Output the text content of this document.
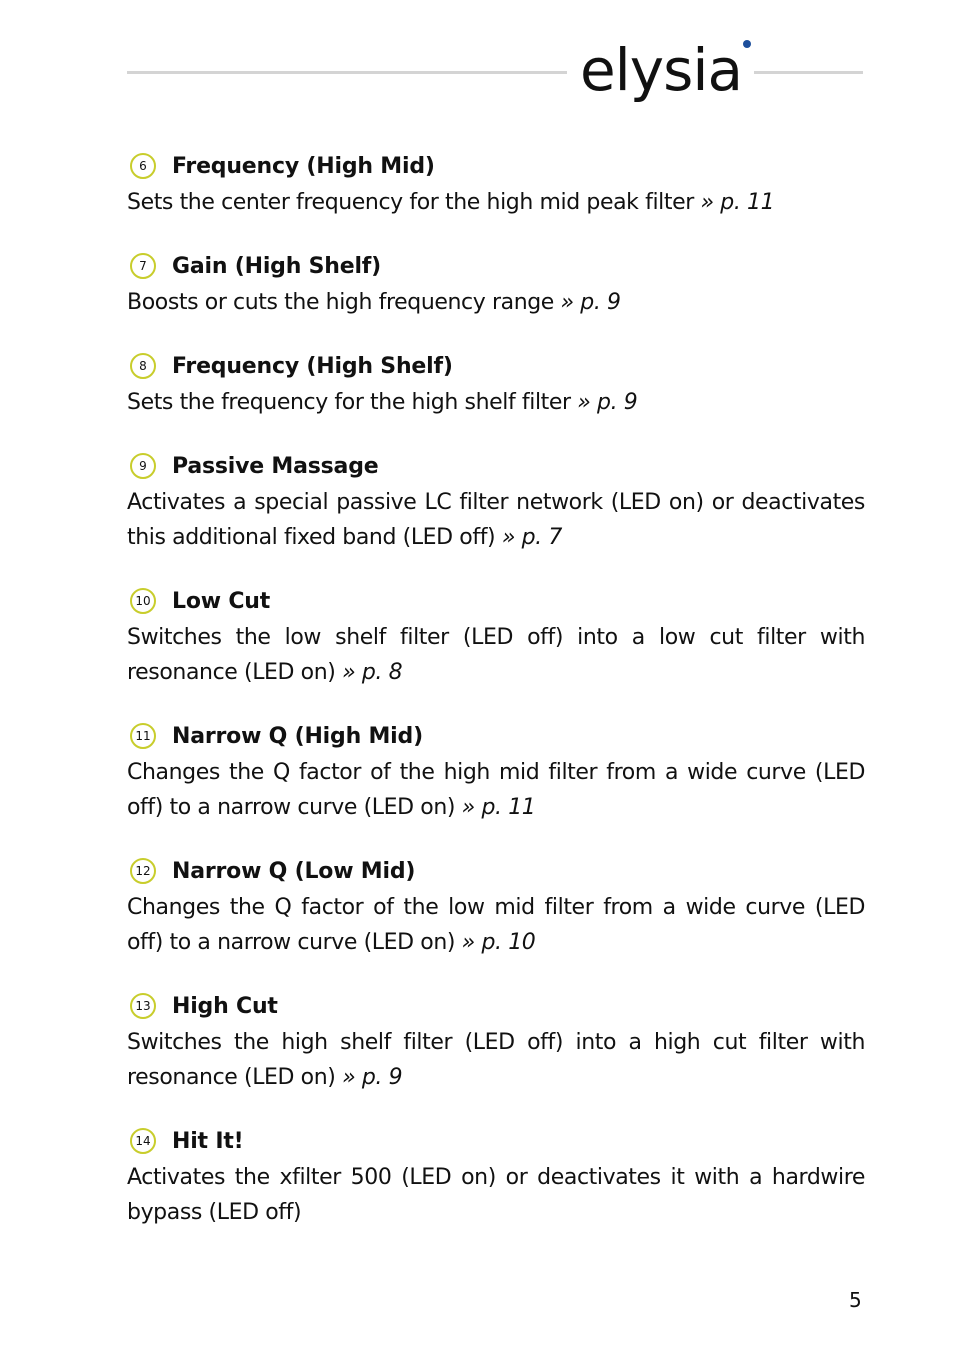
elysia
6	Frequency (High Mid)
Sets the center frequency for the high mid peak filter » p. 11
7	Gain (High Shelf)
Boosts or cuts the high frequency range » p. 9
8	Frequency (High Shelf)
Sets the frequency for the high shelf filter » p. 9
9	Passive Massage
Activates a special passive LC filter network (LED on) or deactivates this additional fixed band (LED off) » p. 7
10 Low Cut
Switches the low shelf filter (LED off) into a low cut filter with resonance (LED on) » p. 8
11 Narrow Q (High Mid)
Changes the Q factor of the high mid filter from a wide curve (LED off) to a narrow curve (LED on) » p. 11
12 Narrow Q (Low Mid)
Changes the Q factor of the low mid filter from a wide curve (LED off) to a narrow curve (LED on) » p. 10
13 High Cut
Switches the high shelf filter (LED off) into a high cut filter with resonance (LED on) » p. 9
14 Hit It!
Activates the xfilter 500 (LED on) or deactivates it with a hardwire bypass (LED off)
5
